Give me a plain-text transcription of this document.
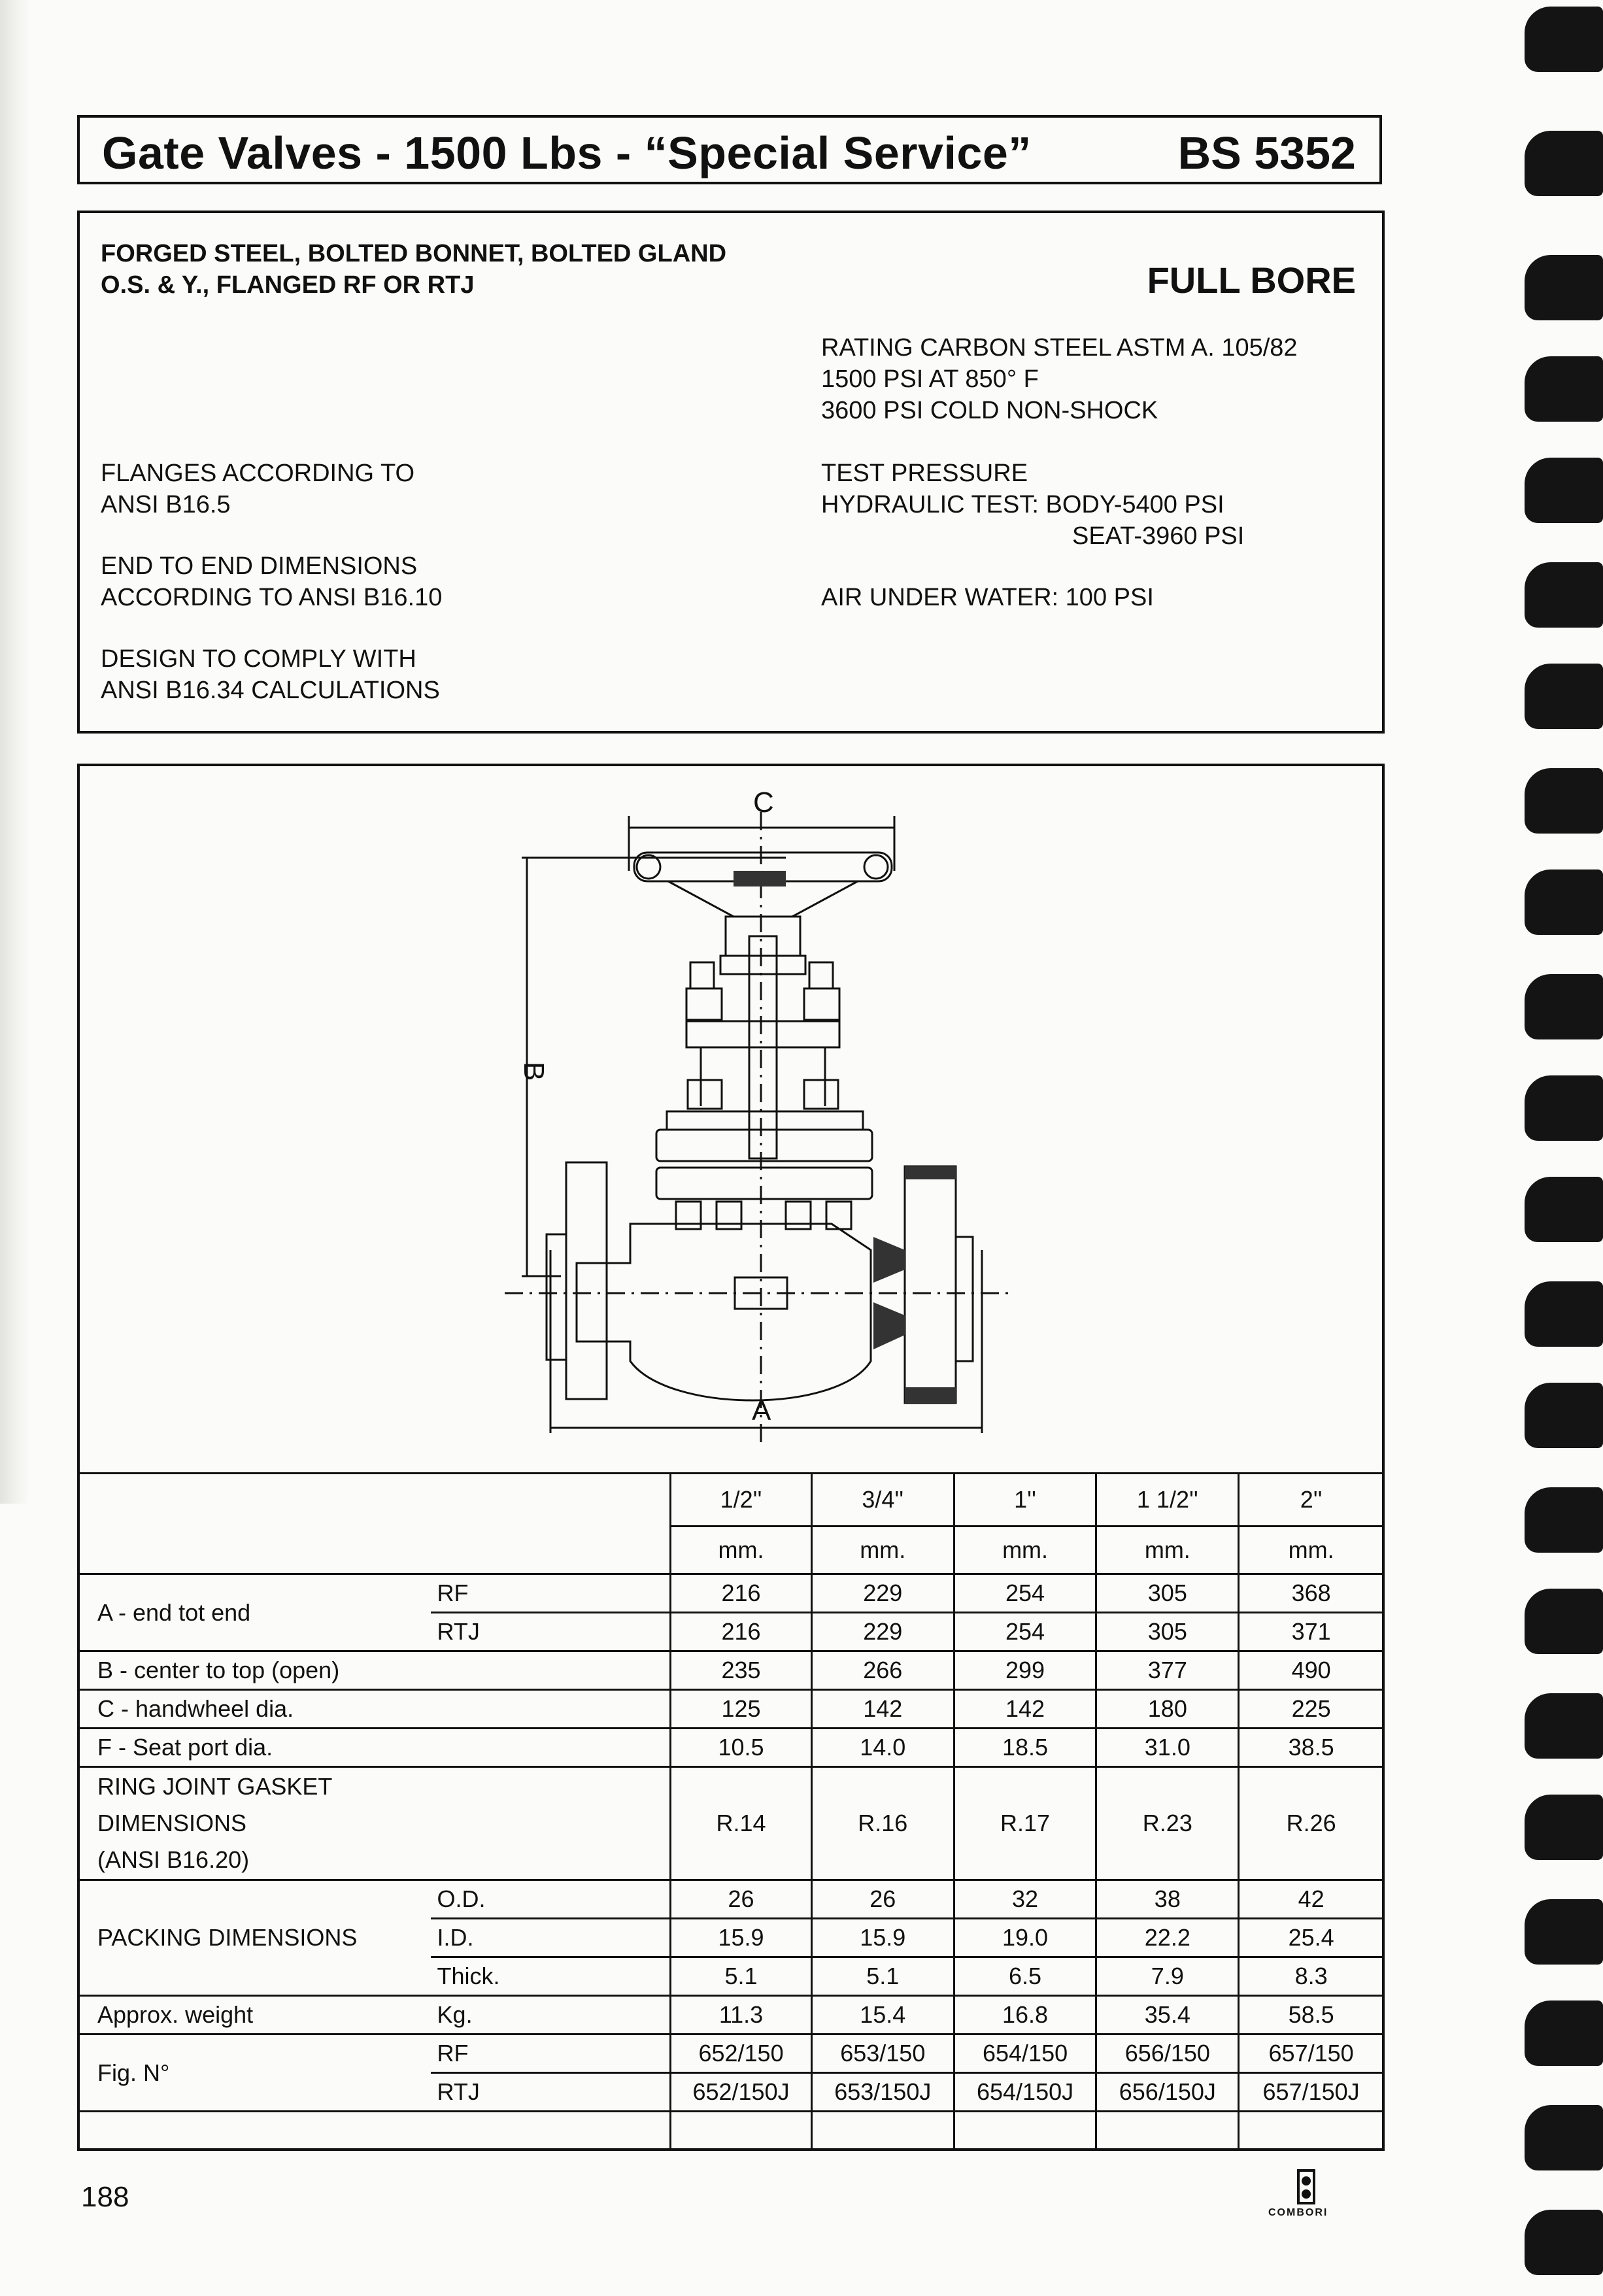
Gate Valves - 1500 Lbs - “Special Service”	BS 5352
FORGED STEEL, BOLTED BONNET, BOLTED GLAND
O.S. & Y., FLANGED RF OR RTJ	FULL BORE
RATING CARBON STEEL ASTM A. 105/82
1500 PSI AT 850° F
3600 PSI COLD NON-SHOCK
FLANGES ACCORDING TO
ANSI B16.5
TEST PRESSURE
HYDRAULIC TEST: BODY-5400 PSI
SEAT-3960 PSI
END TO END DIMENSIONS
ACCORDING TO ANSI B16.10	AIR UNDER WATER: 100 PSI
DESIGN TO COMPLY WITH
ANSI B16.34 CALCULATIONS
C
B
A
		1/2''	3/4''	1''	1 1/2''	2''
		mm.	mm.	mm.	mm.	mm.
A - end tot end	RF	216	229	254	305	368
	RTJ	216	229	254	305	371
B - center to top (open)		235	266	299	377	490
C - handwheel dia.		125	142	142	180	225
F - Seat port dia.		10.5	14.0	18.5	31.0	38.5

RING JOINT GASKET
DIMENSIONS
(ANSI B16.20)		R.14	R.16	R.17	R.23	R.26
PACKING DIMENSIONS	O.D.	26	26	32	38	42
	I.D.	15.9	15.9	19.0	22.2	25.4
	Thick.	5.1	5.1	6.5	7.9	8.3
Approx. weight	Kg.	11.3	15.4	16.8	35.4	58.5
Fig. N°	RF	652/150	653/150	654/150	656/150	657/150
	RTJ	652/150J	653/150J	654/150J	656/150J	657/150J

188	COMBORI
